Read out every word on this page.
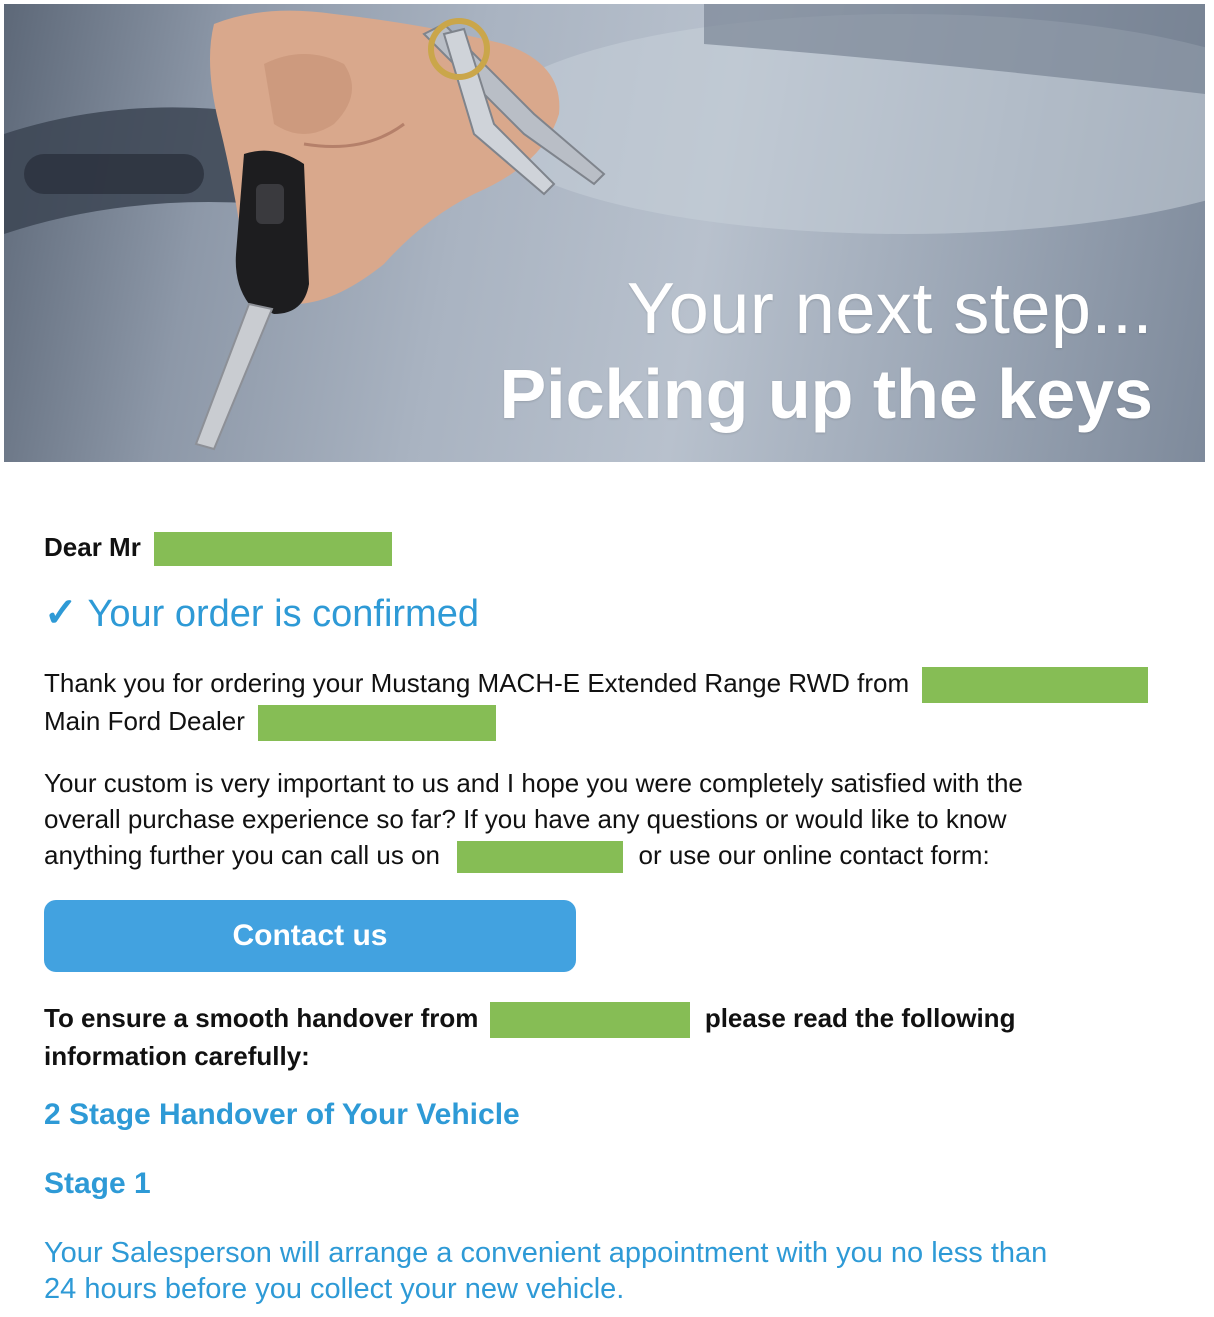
Your next step...
Picking up the keys
Dear Mr
✓ Your order is confirmed
Thank you for ordering your Mustang MACH-E Extended Range RWD from
Main Ford Dealer
Your custom is very important to us and I hope you were completely satisfied with the
overall purchase experience so far? If you have any questions or would like to know
anything further you can call us on	or use our online contact form:
Contact us
To ensure a smooth handover from	please read the following
information carefully:
2 Stage Handover of Your Vehicle
Stage 1
Your Salesperson will arrange a convenient appointment with you no less than
24 hours before you collect your new vehicle.
